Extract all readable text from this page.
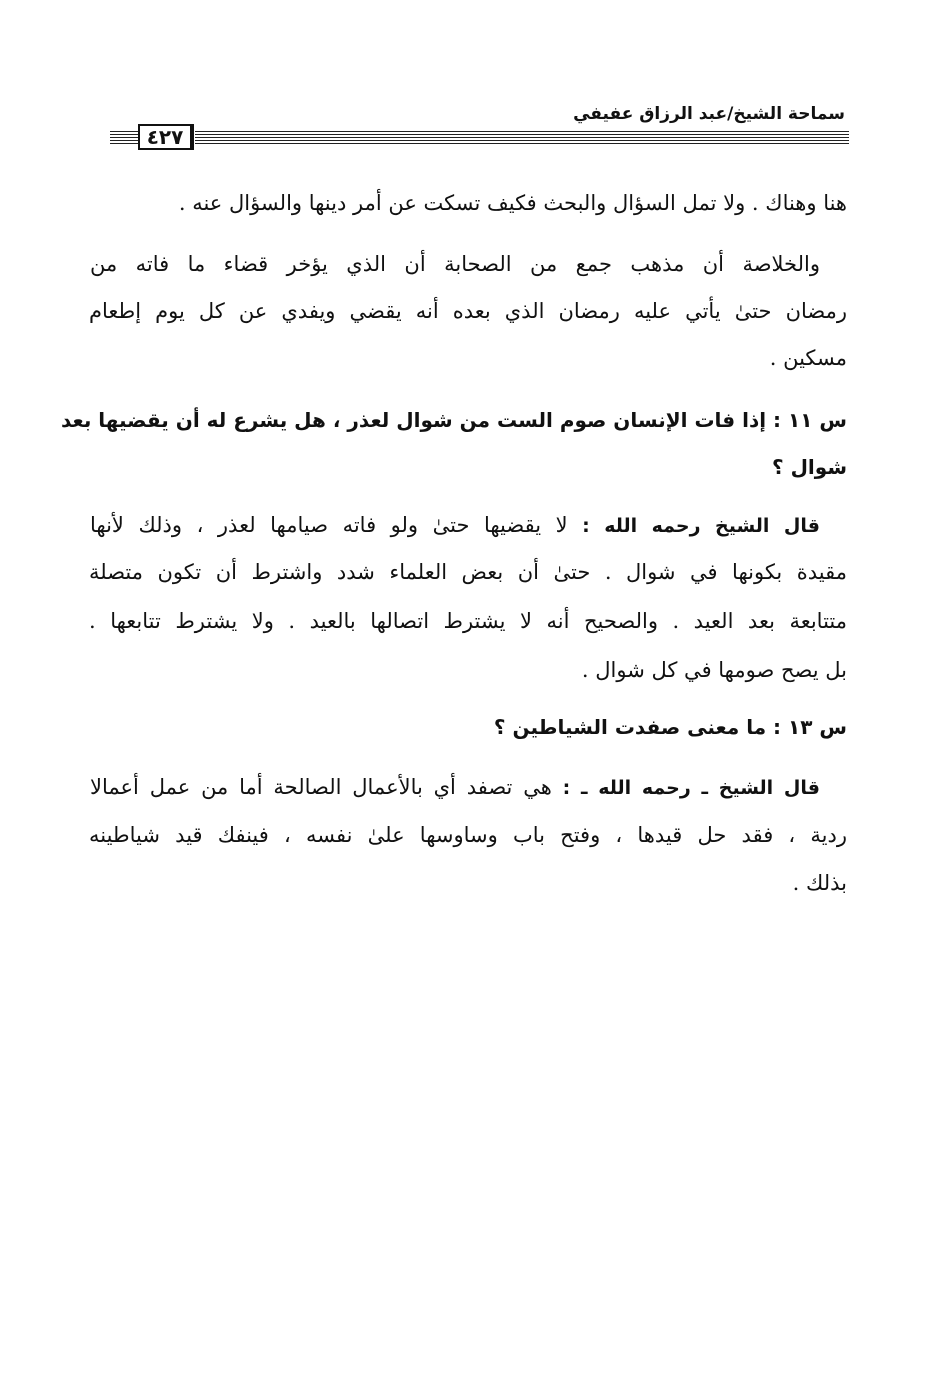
سماحة الشيخ/عبد الرزاق عفيفي
٤٢٧
هنا وهناك . ولا تمل السؤال والبحث فكيف تسكت عن أمر دينها والسؤال عنه .
والخلاصة أن مذهب جمع من الصحابة أن الذي يؤخر قضاء ما فاته من
رمضان حتىٰ يأتي عليه رمضان الذي بعده أنه يقضي ويفدي عن كل يوم إطعام
مسكين .
س ١١ : إذا فات الإنسان صوم الست من شوال لعذر ، هل يشرع له أن يقضيها بعد
شوال ؟
قال الشيخ رحمه الله : لا يقضيها حتىٰ ولو فاته صيامها لعذر ، وذلك لأنها
مقيدة بكونها في شوال . حتىٰ أن بعض العلماء شدد واشترط أن تكون متصلة
متتابعة بعد العيد . والصحيح أنه لا يشترط اتصالها بالعيد . ولا يشترط تتابعها .
بل يصح صومها في كل شوال .
س ١٣ : ما معنى صفدت الشياطين ؟
قال الشيخ ـ رحمه الله ـ : هي تصفد أي بالأعمال الصالحة أما من عمل أعمالا
ردية ، فقد حل قيدها ، وفتح باب وساوسها علىٰ نفسه ، فينفك قيد شياطينه
بذلك .
